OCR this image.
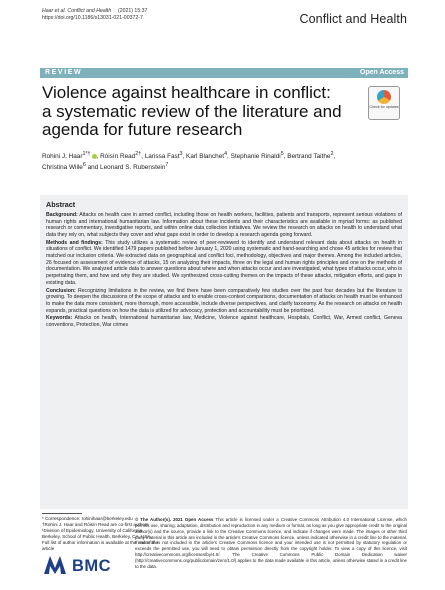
Haar et al. Conflict and Health
https://doi.org/10.1186/s13031-021-00372-7
(2021) 15:37
Conflict and Health
REVIEW	Open Access
Violence against healthcare in conflict: a systematic review of the literature and agenda for future research
Check for updates
Rohini J. Haar$^{1*\dagger}$ , Róisín Read$^{2\dagger}$, Larissa Fast$^3$, Karl Blanchet$^4$, Stephanie Rinaldi$^5$, Bertrand Taithe$^2$,
Christina Wille$^6$ and Leonard S. Rubenstein$^7$
Abstract

Background: Attacks on health care in armed conflict, including those on health workers, facilities, patients and transports, represent serious violations of human rights and international humanitarian law. Information about these incidents and their characteristics are available in myriad forms: as published research or commentary, investigative reports, and within online data collection initiatives. We review the research on attacks on health to understand what data they rely on, what subjects they cover and what gaps exist in order to develop a research agenda going forward.

Methods and findings: This study utilizes a systematic review of peer-reviewed to identify and understand relevant data about attacks on health in situations of conflict. We identified 1479 papers published before January 1, 2020 using systematic and hand-searching and chose 45 articles for review that matched our inclusion criteria. We extracted data on geographical and conflict foci, methodology, objectives and major themes. Among the included articles, 26 focused on assessment of evidence of attacks, 15 on analyzing their impacts, three on the legal and human rights principles and one on the methods of documentation. We analyzed article data to answer questions about where and when attacks occur and are investigated, what types of attacks occur, who is perpetrating them, and how and why they are studied. We synthesized cross-cutting themes on the impacts of these attacks, mitigation efforts, and gaps in existing data.

Conclusion: Recognizing limitations in the review, we find there have been comparatively few studies over the past four decades but the literature is growing. To deepen the discussions of the scope of attacks and to enable cross-context comparisons, documentation of attacks on health must be enhanced to make the data more consistent, more thorough, more accessible, include diverse perspectives, and clarify taxonomy. As the research on attacks on health expands, practical questions on how the data is utilized for advocacy, protection and accountability must be prioritized.

Keywords: Attacks on health, International humanitarian law, Medicine, Violence against healthcare, Hospitals, Conflict, War, Armed conflict, Geneva conventions, Protection, War crimes

* Correspondence: rohinihaar@berkeley.edu
†Rohini J. Haar and Róisín Read are co-first authors
¹Division of Epidemiology, University of California, Berkeley, School of Public Health, Berkeley, CA, USA
Full list of author information is available at the end of the article
BMC
© The Author(s). 2021 Open Access This article is licensed under a Creative Commons Attribution 4.0 International License, which permits use, sharing, adaptation, distribution and reproduction in any medium or format, as long as you give appropriate credit to the original author(s) and the source, provide a link to the Creative Commons licence, and indicate if changes were made. The images or other third party material in this article are included in the article's Creative Commons licence, unless indicated otherwise in a credit line to the material. If material is not included in the article's Creative Commons licence and your intended use is not permitted by statutory regulation or exceeds the permitted use, you will need to obtain permission directly from the copyright holder. To view a copy of this licence, visit http://creativecommons.org/licenses/by/4.0/. The Creative Commons Public Domain Dedication waiver (http://creativecommons.org/publicdomain/zero/1.0/) applies to the data made available in this article, unless otherwise stated in a credit line to the data.
